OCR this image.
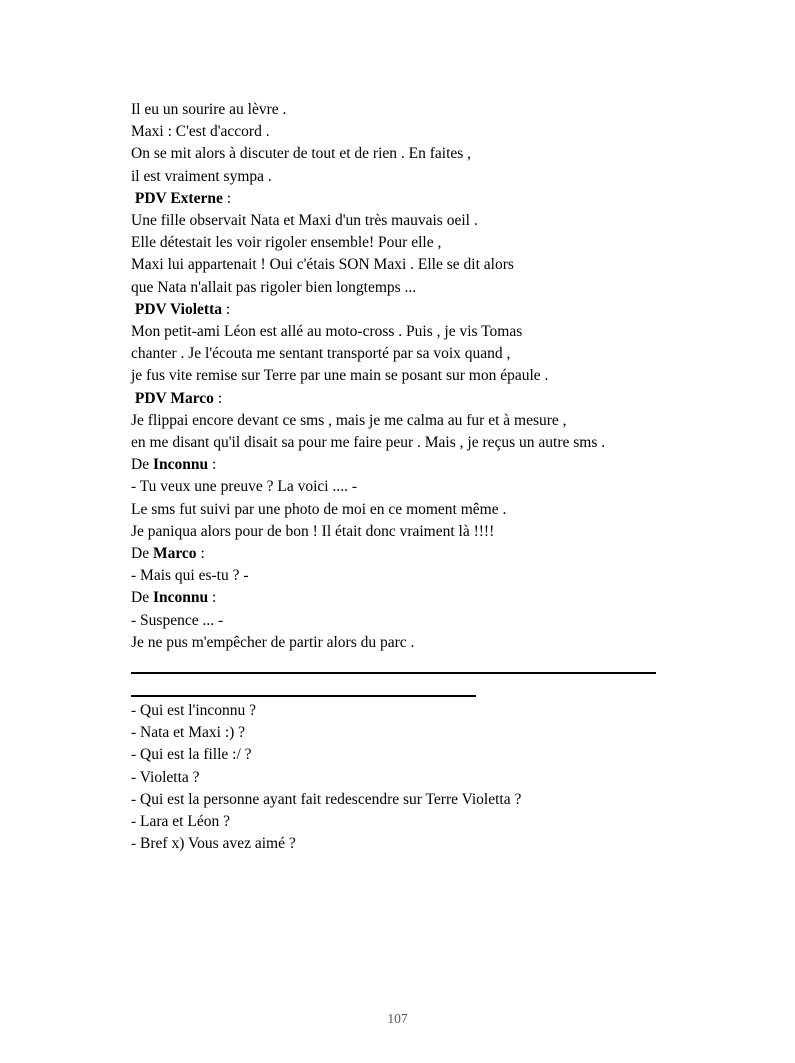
Il eu un sourire au lèvre .
Maxi : C'est d'accord .
On se mit alors à discuter de tout et de rien . En faites ,
il est vraiment sympa .
PDV Externe :
Une fille observait Nata et Maxi d'un très mauvais oeil .
Elle détestait les voir rigoler ensemble! Pour elle ,
Maxi lui appartenait ! Oui c'étais SON Maxi . Elle se dit alors
que Nata n'allait pas rigoler bien longtemps ...
PDV Violetta :
Mon petit-ami Léon est allé au moto-cross . Puis , je vis Tomas
chanter . Je l'écouta me sentant transporté par sa voix quand ,
je fus vite remise sur Terre par une main se posant sur mon épaule .
PDV Marco :
Je flippai encore devant ce sms , mais je me calma au fur et à mesure ,
en me disant qu'il disait sa pour me faire peur . Mais , je reçus un autre sms .
De Inconnu :
- Tu veux une preuve ? La voici .... -
Le sms fut suivi par une photo de moi en ce moment même .
Je paniqua alors pour de bon ! Il était donc vraiment là !!!!
De Marco :
- Mais qui es-tu ? -
De Inconnu :
- Suspence ... -
Je ne pus m'empêcher de partir alors du parc .
- Qui est l'inconnu ?
- Nata et Maxi :) ?
- Qui est la fille :/ ?
- Violetta ?
- Qui est la personne ayant fait redescendre sur Terre Violetta ?
- Lara et Léon ?
- Bref x) Vous avez aimé ?
107
